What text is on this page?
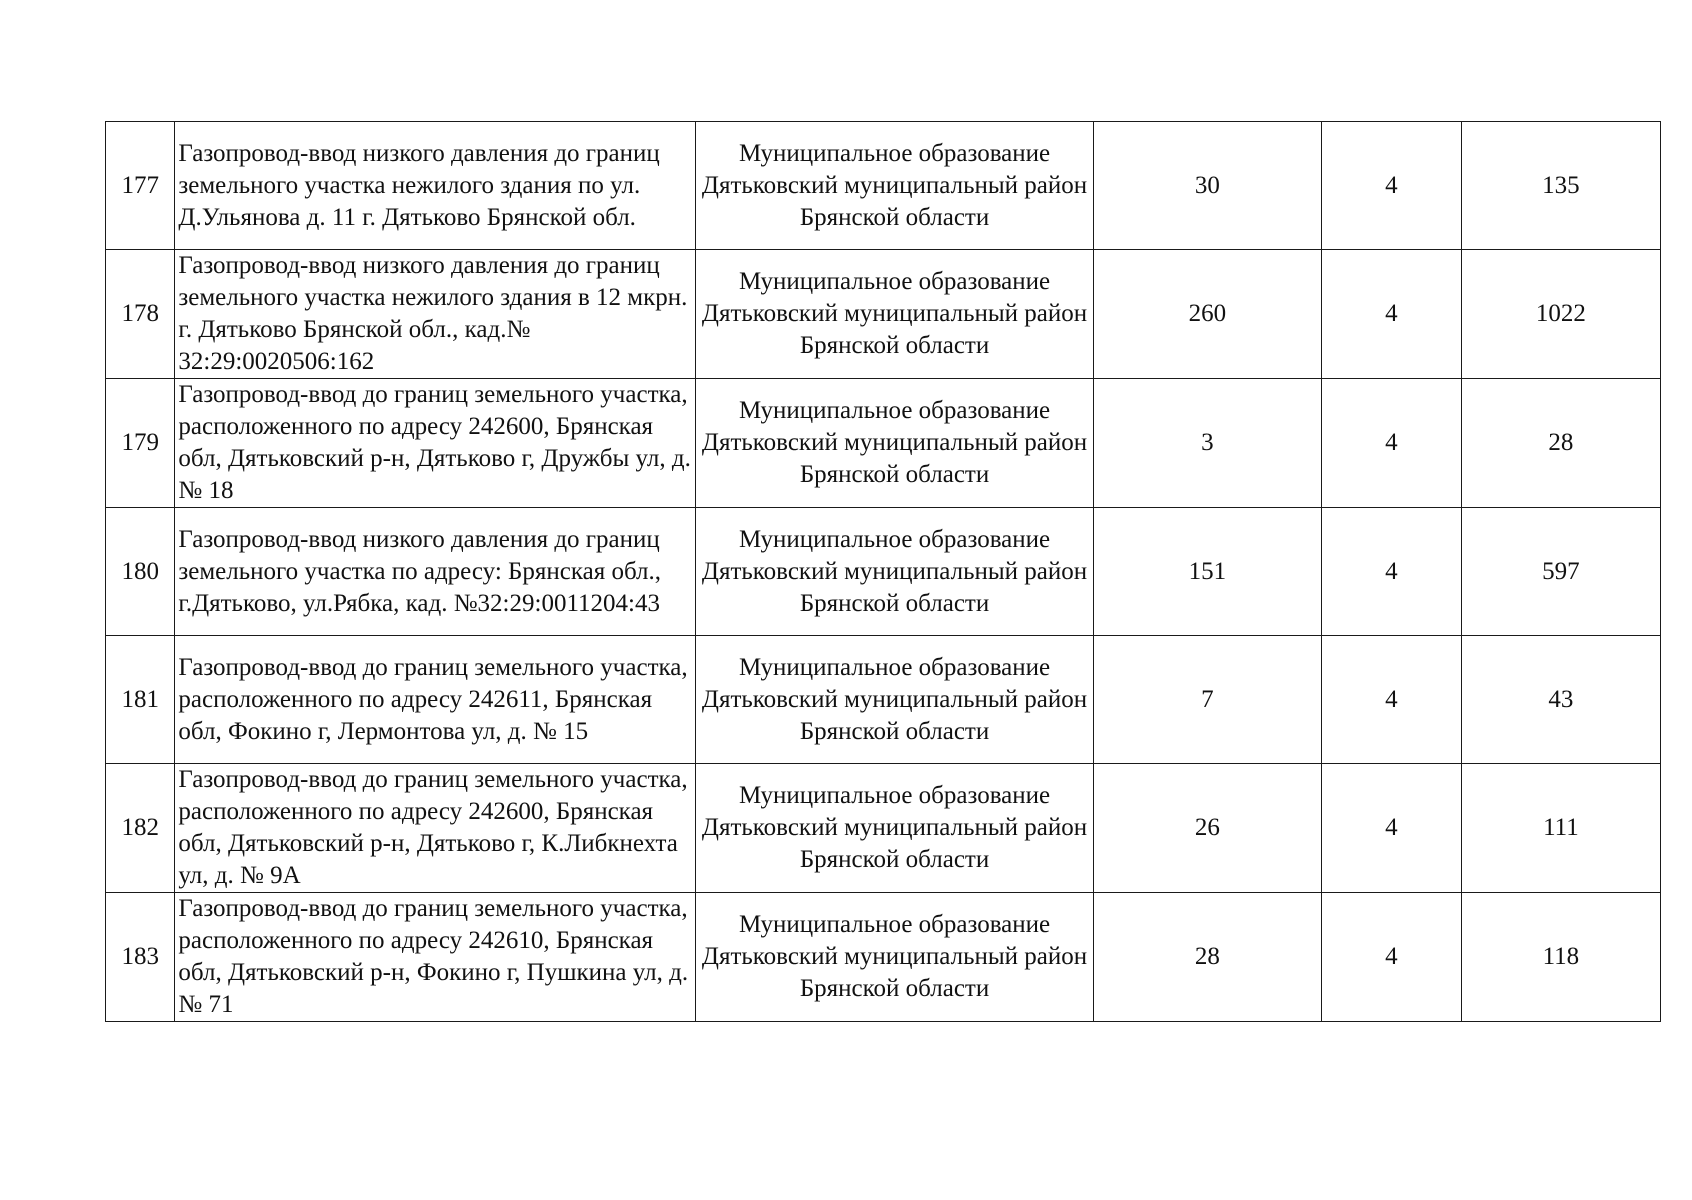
177	Газопровод-ввод низкого давления до границ земельного участка нежилого здания по ул. Д.Ульянова д. 11 г. Дятьково Брянской обл.	Муниципальное образование Дятьковский муниципальный район Брянской области	30	4	135
178	Газопровод-ввод низкого давления до границ земельного участка нежилого здания в 12 мкрн. г. Дятьково Брянской обл., кад.№ 32:29:0020506:162	Муниципальное образование Дятьковский муниципальный район Брянской области	260	4	1022
179	Газопровод-ввод до границ земельного участка, расположенного по адресу 242600, Брянская обл, Дятьковский р-н, Дятьково г, Дружбы ул, д. № 18	Муниципальное образование Дятьковский муниципальный район Брянской области	3	4	28
180	Газопровод-ввод низкого давления до границ земельного участка по адресу: Брянская обл., г.Дятьково, ул.Рябка, кад. №32:29:0011204:43	Муниципальное образование Дятьковский муниципальный район Брянской области	151	4	597
181	Газопровод-ввод до границ земельного участка, расположенного по адресу 242611, Брянская обл, Фокино г, Лермонтова ул, д. № 15	Муниципальное образование Дятьковский муниципальный район Брянской области	7	4	43
182	Газопровод-ввод до границ земельного участка, расположенного по адресу 242600, Брянская обл, Дятьковский р-н, Дятьково г, К.Либкнехта ул, д. № 9А	Муниципальное образование Дятьковский муниципальный район Брянской области	26	4	111
183	Газопровод-ввод до границ земельного участка, расположенного по адресу 242610, Брянская обл, Дятьковский р-н, Фокино г, Пушкина ул, д. № 71	Муниципальное образование Дятьковский муниципальный район Брянской области	28	4	118
